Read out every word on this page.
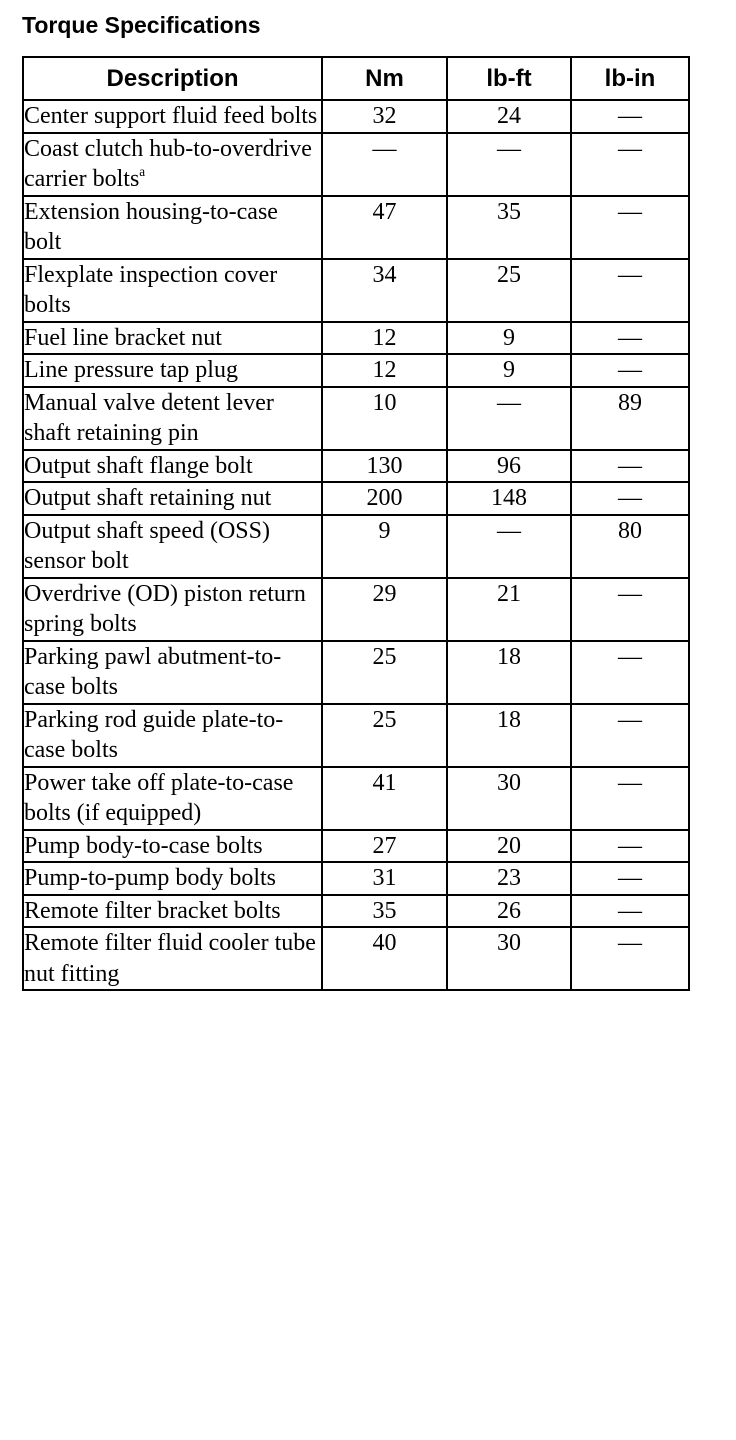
Torque Specifications
Description	Nm	lb-ft	lb-in
Center support fluid feed bolts	32	24	—
Coast clutch hub-to-overdrive carrier bolts$^a$	—	—	—
Extension housing-to-case bolt	47	35	—
Flexplate inspection cover bolts	34	25	—
Fuel line bracket nut	12	9	—
Line pressure tap plug	12	9	—
Manual valve detent lever shaft retaining pin	10	—	89
Output shaft flange bolt	130	96	—
Output shaft retaining nut	200	148	—
Output shaft speed (OSS) sensor bolt	9	—	80
Overdrive (OD) piston return spring bolts	29	21	—
Parking pawl abutment-to-case bolts	25	18	—
Parking rod guide plate-to-case bolts	25	18	—
Power take off plate-to-case bolts (if equipped)	41	30	—
Pump body-to-case bolts	27	20	—
Pump-to-pump body bolts	31	23	—
Remote filter bracket bolts	35	26	—
Remote filter fluid cooler tube nut fitting	40	30	—
